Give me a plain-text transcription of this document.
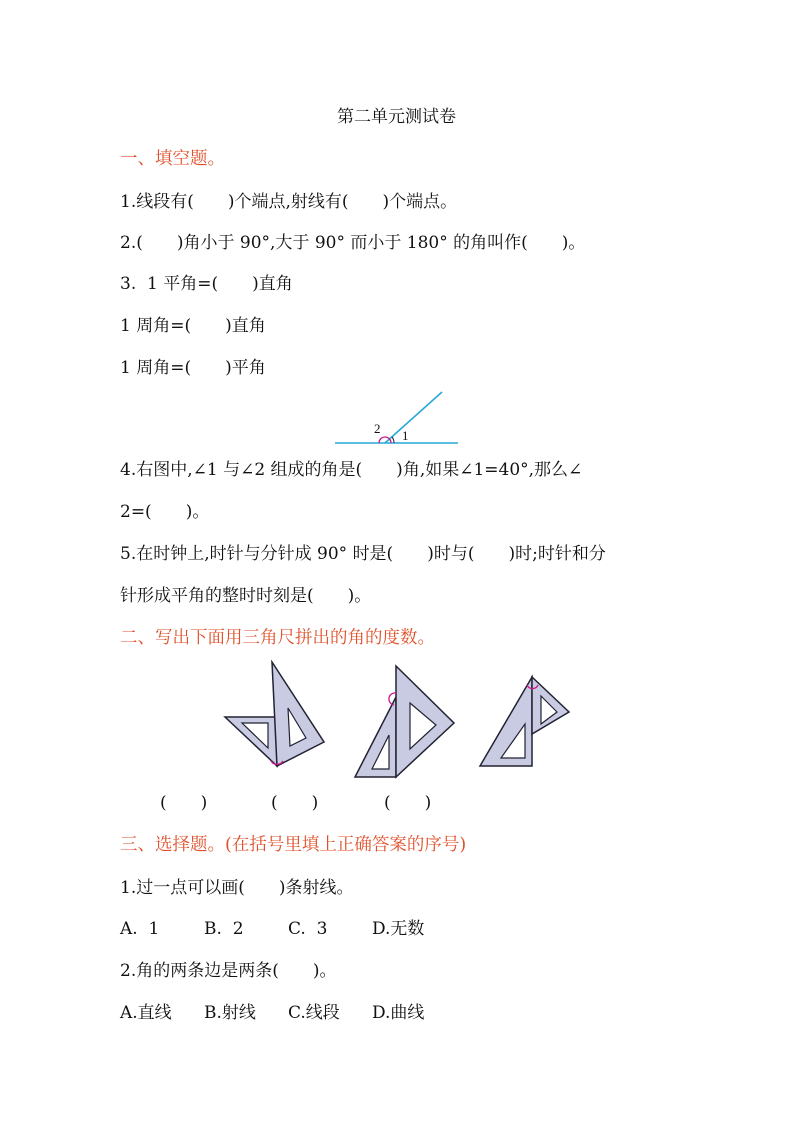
第二单元测试卷
一、填空题。
1.线段有(　　)个端点,射线有(　　)个端点。
2.(　　)角小于 90°,大于 90° 而小于 180° 的角叫作(　　)。
3.  1 平角=(　　)直角
1 周角=(　　)直角
1 周角=(　　)平角
2 1
4.右图中,∠1 与∠2 组成的角是(　　)角,如果∠1=40°,那么∠
2=(　　)。
5.在时钟上,时针与分针成 90° 时是(　　)时与(　　)时;时针和分
针形成平角的整时时刻是(　　)。
二、写出下面用三角尺拼出的角的度数。
(　　)	(　　)	(　　)
三、选择题。(在括号里填上正确答案的序号)
1.过一点可以画(　　)条射线。
A.  1	B.  2	C.  3	D.无数
2.角的两条边是两条(　　)。
A.直线 B.射线 C.线段 D.曲线
